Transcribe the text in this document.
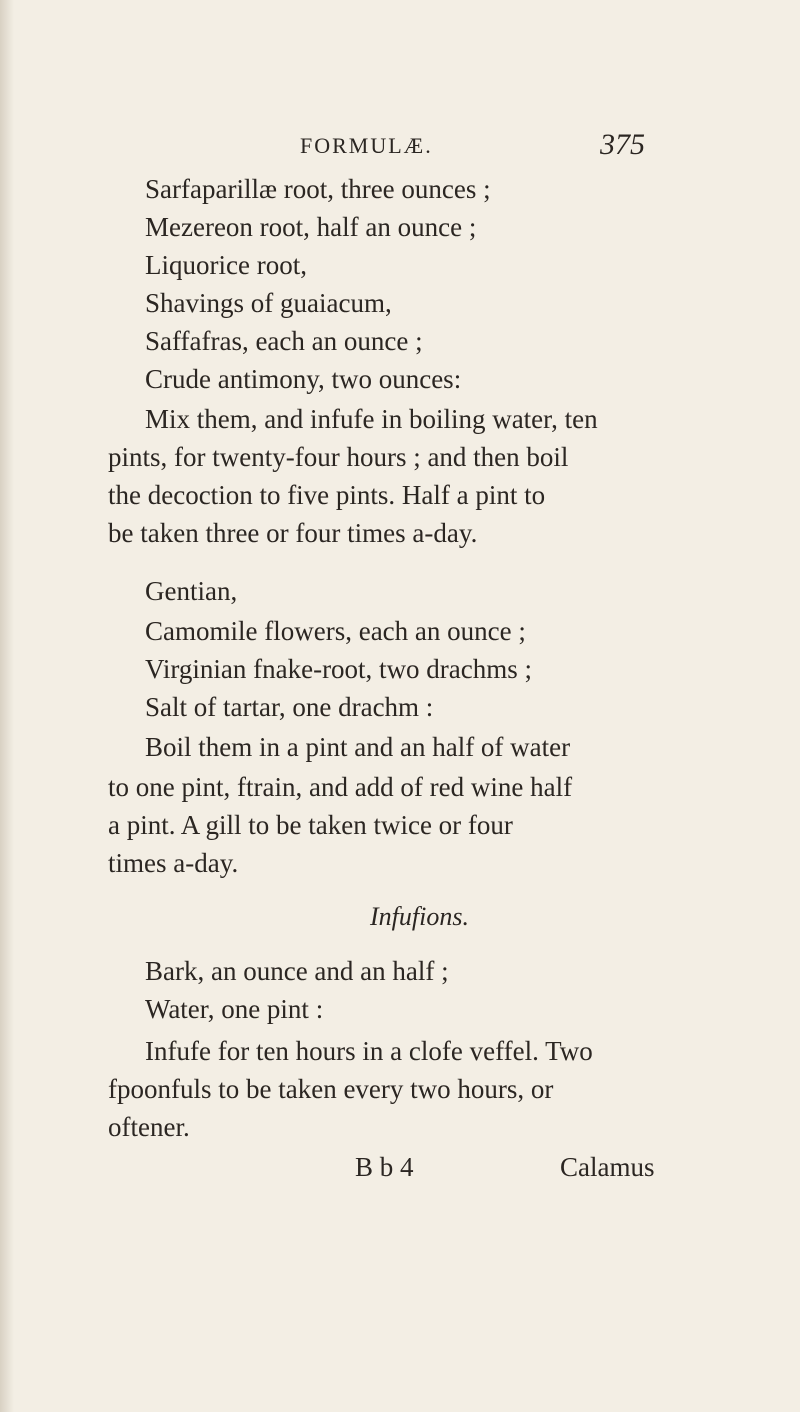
FORMULÆ.	375
Sarfaparillæ root, three ounces ;
Mezereon root, half an ounce ;
Liquorice root,
Shavings of guaiacum,
Saffafras, each an ounce ;
Crude antimony, two ounces:
Mix them, and infufe in boiling water, ten
pints, for twenty-four hours ; and then boil
the decoction to five pints. Half a pint to
be taken three or four times a-day.
Gentian,
Camomile flowers, each an ounce ;
Virginian fnake-root, two drachms ;
Salt of tartar, one drachm :
Boil them in a pint and an half of water
to one pint, ftrain, and add of red wine half
a pint. A gill to be taken twice or four
times a-day.
Infufions.
Bark, an ounce and an half ;
Water, one pint :
Infufe for ten hours in a clofe veffel. Two
fpoonfuls to be taken every two hours, or
oftener.
B b 4	Calamus
